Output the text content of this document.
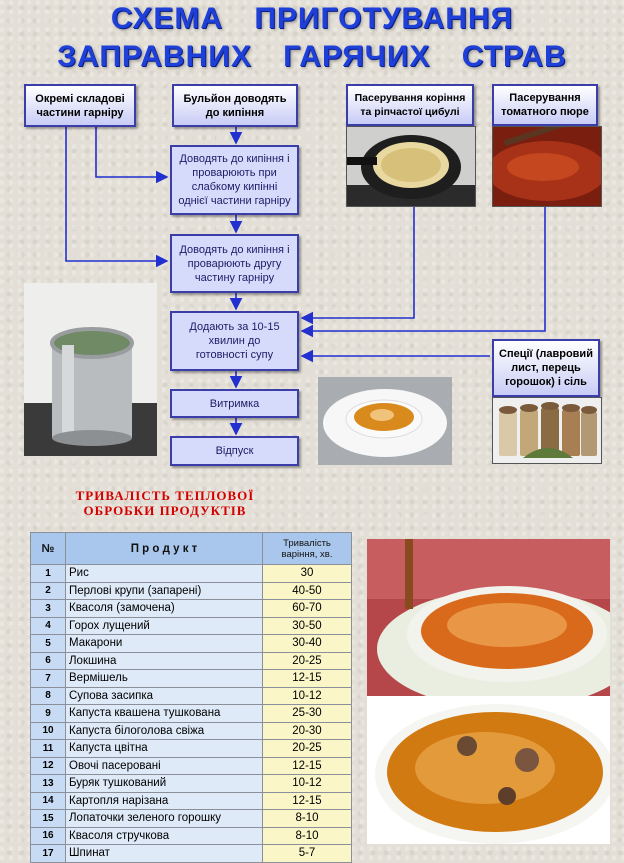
СХЕМА ПРИГОТУВАННЯ
ЗАПРАВНИХ ГАРЯЧИХ СТРАВ
Окремі складові частини гарніру
Бульйон доводять до кипіння
Пасерування коріння та ріпчастої цибулі
Пасерування томатного пюре
Доводять до кипіння і проварюють при слабкому кипінні однієї частини гарніру
Доводять до кипіння і проварюють другу частину гарніру
Додають за 10-15 хвилин до готовності супу
Витримка
Відпуск
Спеції (лавровий лист, перець горошок) і сіль
ТРИВАЛІСТЬ ТЕПЛОВОЇ
ОБРОБКИ ПРОДУКТІВ
№	П р о д у к т	Тривалість варіння, хв.
1	Рис	30
2	Перлові крупи (запарені)	40-50
3	Квасоля (замочена)	60-70
4	Горох лущений	30-50
5	Макарони	30-40
6	Локшина	20-25
7	Вермішель	12-15
8	Супова засипка	10-12
9	Капуста квашена тушкована	25-30
10	Капуста білоголова свіжа	20-30
11	Капуста цвітна	20-25
12	Овочі пасеровані	12-15
13	Буряк тушкований	10-12
14	Картопля нарізана	12-15
15	Лопаточки зеленого горошку	8-10
16	Квасоля стручкова	8-10
17	Шпинат	5-7
